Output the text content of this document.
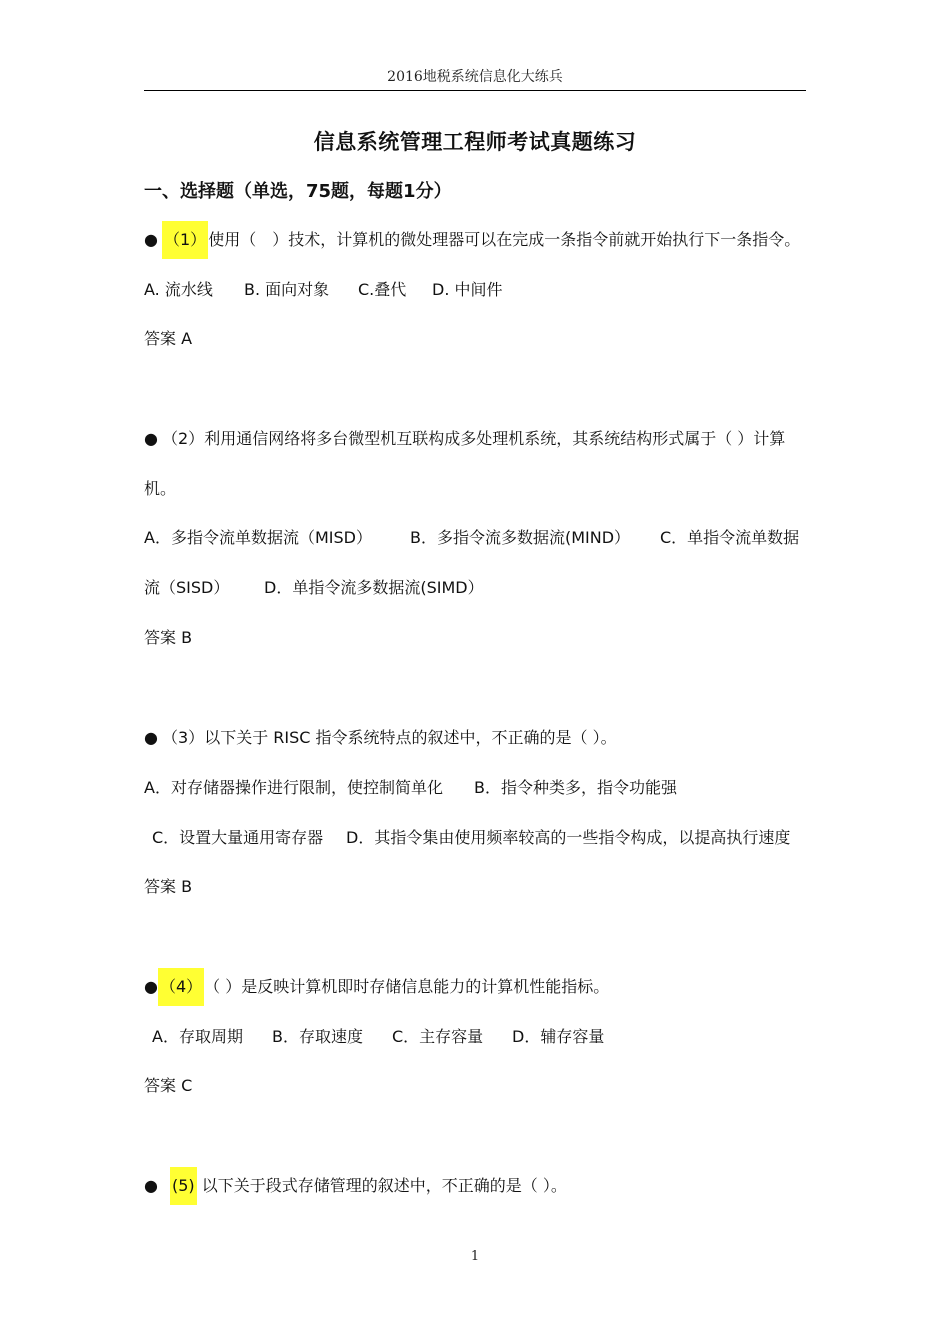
2016地税系统信息化大练兵
信息系统管理工程师考试真题练习
一、选择题（单选，75题，每题1分）
● （1） 使用（　）技术，计算机的微处理器可以在完成一条指令前就开始执行下一条指令。
A. 流水线 B. 面向对象 C.叠代 D. 中间件
答案 A
● （2）利用通信网络将多台微型机互联构成多处理机系统，其系统结构形式属于（ ）计算
机。
A．多指令流单数据流（MISD） B．多指令流多数据流(MIND） C．单指令流单数据
流（SISD） D．单指令流多数据流(SIMD）
答案 B
● （3）以下关于 RISC 指令系统特点的叙述中，不正确的是（ ）。
A．对存储器操作进行限制，使控制简单化 B．指令种类多，指令功能强
C．设置大量通用寄存器 D．其指令集由使用频率较高的一些指令构成，以提高执行速度
答案 B
● （4） （ ）是反映计算机即时存储信息能力的计算机性能指标。
A．存取周期 B．存取速度 C．主存容量 D．辅存容量
答案 C
● (5) 以下关于段式存储管理的叙述中，不正确的是（ ）。
1
